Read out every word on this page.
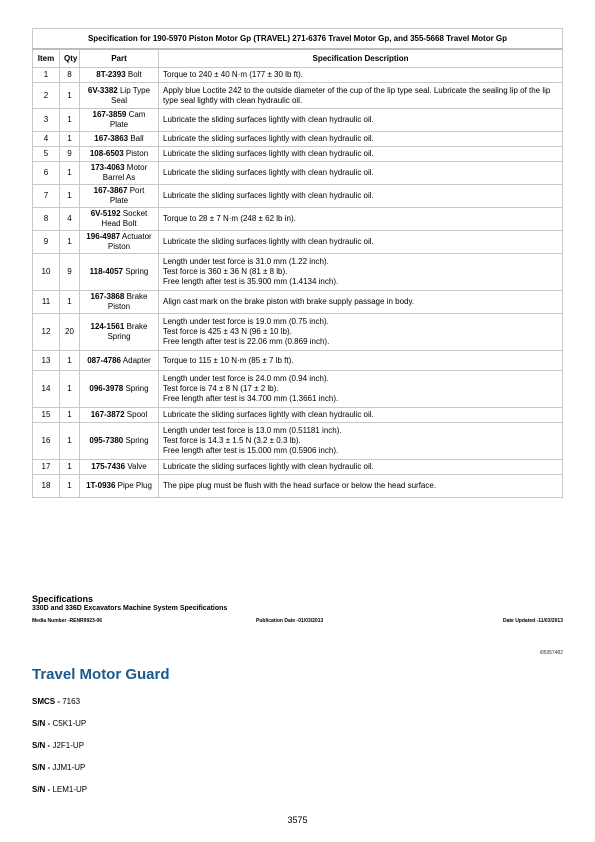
Specification for 190-5970 Piston Motor Gp (TRAVEL) 271-6376 Travel Motor Gp, and 355-5668 Travel Motor Gp			
Item	Qty	Part	Specification Description
1	8	8T-2393 Bolt	Torque to 240 ± 40 N·m (177 ± 30 lb ft).

2	1	6V-3382 Lip Type Seal	Apply blue Loctite 242 to the outside diameter of the cup of the lip type seal. Lubricate the sealing lip of the lip type seal lightly with clean hydraulic oil.

3	1	167-3859 Cam Plate	Lubricate the sliding surfaces lightly with clean hydraulic oil.

4	1	167-3863 Ball	Lubricate the sliding surfaces lightly with clean hydraulic oil.

5	9	108-6503 Piston	Lubricate the sliding surfaces lightly with clean hydraulic oil.

6	1	173-4063 Motor Barrel As	Lubricate the sliding surfaces lightly with clean hydraulic oil.

7	1	167-3867 Port Plate	Lubricate the sliding surfaces lightly with clean hydraulic oil.

8	4	6V-5192 Socket Head Bolt	Torque to 28 ± 7 N·m (248 ± 62 lb in).

9	1	196-4987 Actuator Piston	Lubricate the sliding surfaces lightly with clean hydraulic oil.

10	9	118-4057 Spring	Length under test force is 31.0 mm (1.22 inch).
Test force is 360 ± 36 N (81 ± 8 lb).
Free length after test is 35.900 mm (1.4134 inch).

11	1	167-3868 Brake Piston	Align cast mark on the brake piston with brake supply passage in body.

12	20	124-1561 Brake Spring	Length under test force is 19.0 mm (0.75 inch).
Test force is 425 ± 43 N (96 ± 10 lb).
Free length after test is 22.06 mm (0.869 inch).

13	1	087-4786 Adapter	Torque to 115 ± 10 N·m (85 ± 7 lb ft).

14	1	096-3978 Spring	Length under test force is 24.0 mm (0.94 inch).
Test force is 74 ± 8 N (17 ± 2 lb).
Free length after test is 34.700 mm (1.3661 inch).

15	1	167-3872 Spool	Lubricate the sliding surfaces lightly with clean hydraulic oil.

16	1	095-7380 Spring	Length under test force is 13.0 mm (0.51181 inch).
Test force is 14.3 ± 1.5 N (3.2 ± 0.3 lb).
Free length after test is 15.000 mm (0.5906 inch).

17	1	175-7436 Valve	Lubricate the sliding surfaces lightly with clean hydraulic oil.

18	1	1T-0936 Pipe Plug	The pipe plug must be flush with the head surface or below the head surface.
Specifications
330D and 336D Excavators Machine System Specifications
Media Number -RENR9923-06	Publication Date -01/03/2013	Date Updated -11/03/2013
i05957482
Travel Motor Guard
SMCS - 7163
S/N - C5K1-UP
S/N - J2F1-UP
S/N - JJM1-UP
S/N - LEM1-UP
3575
